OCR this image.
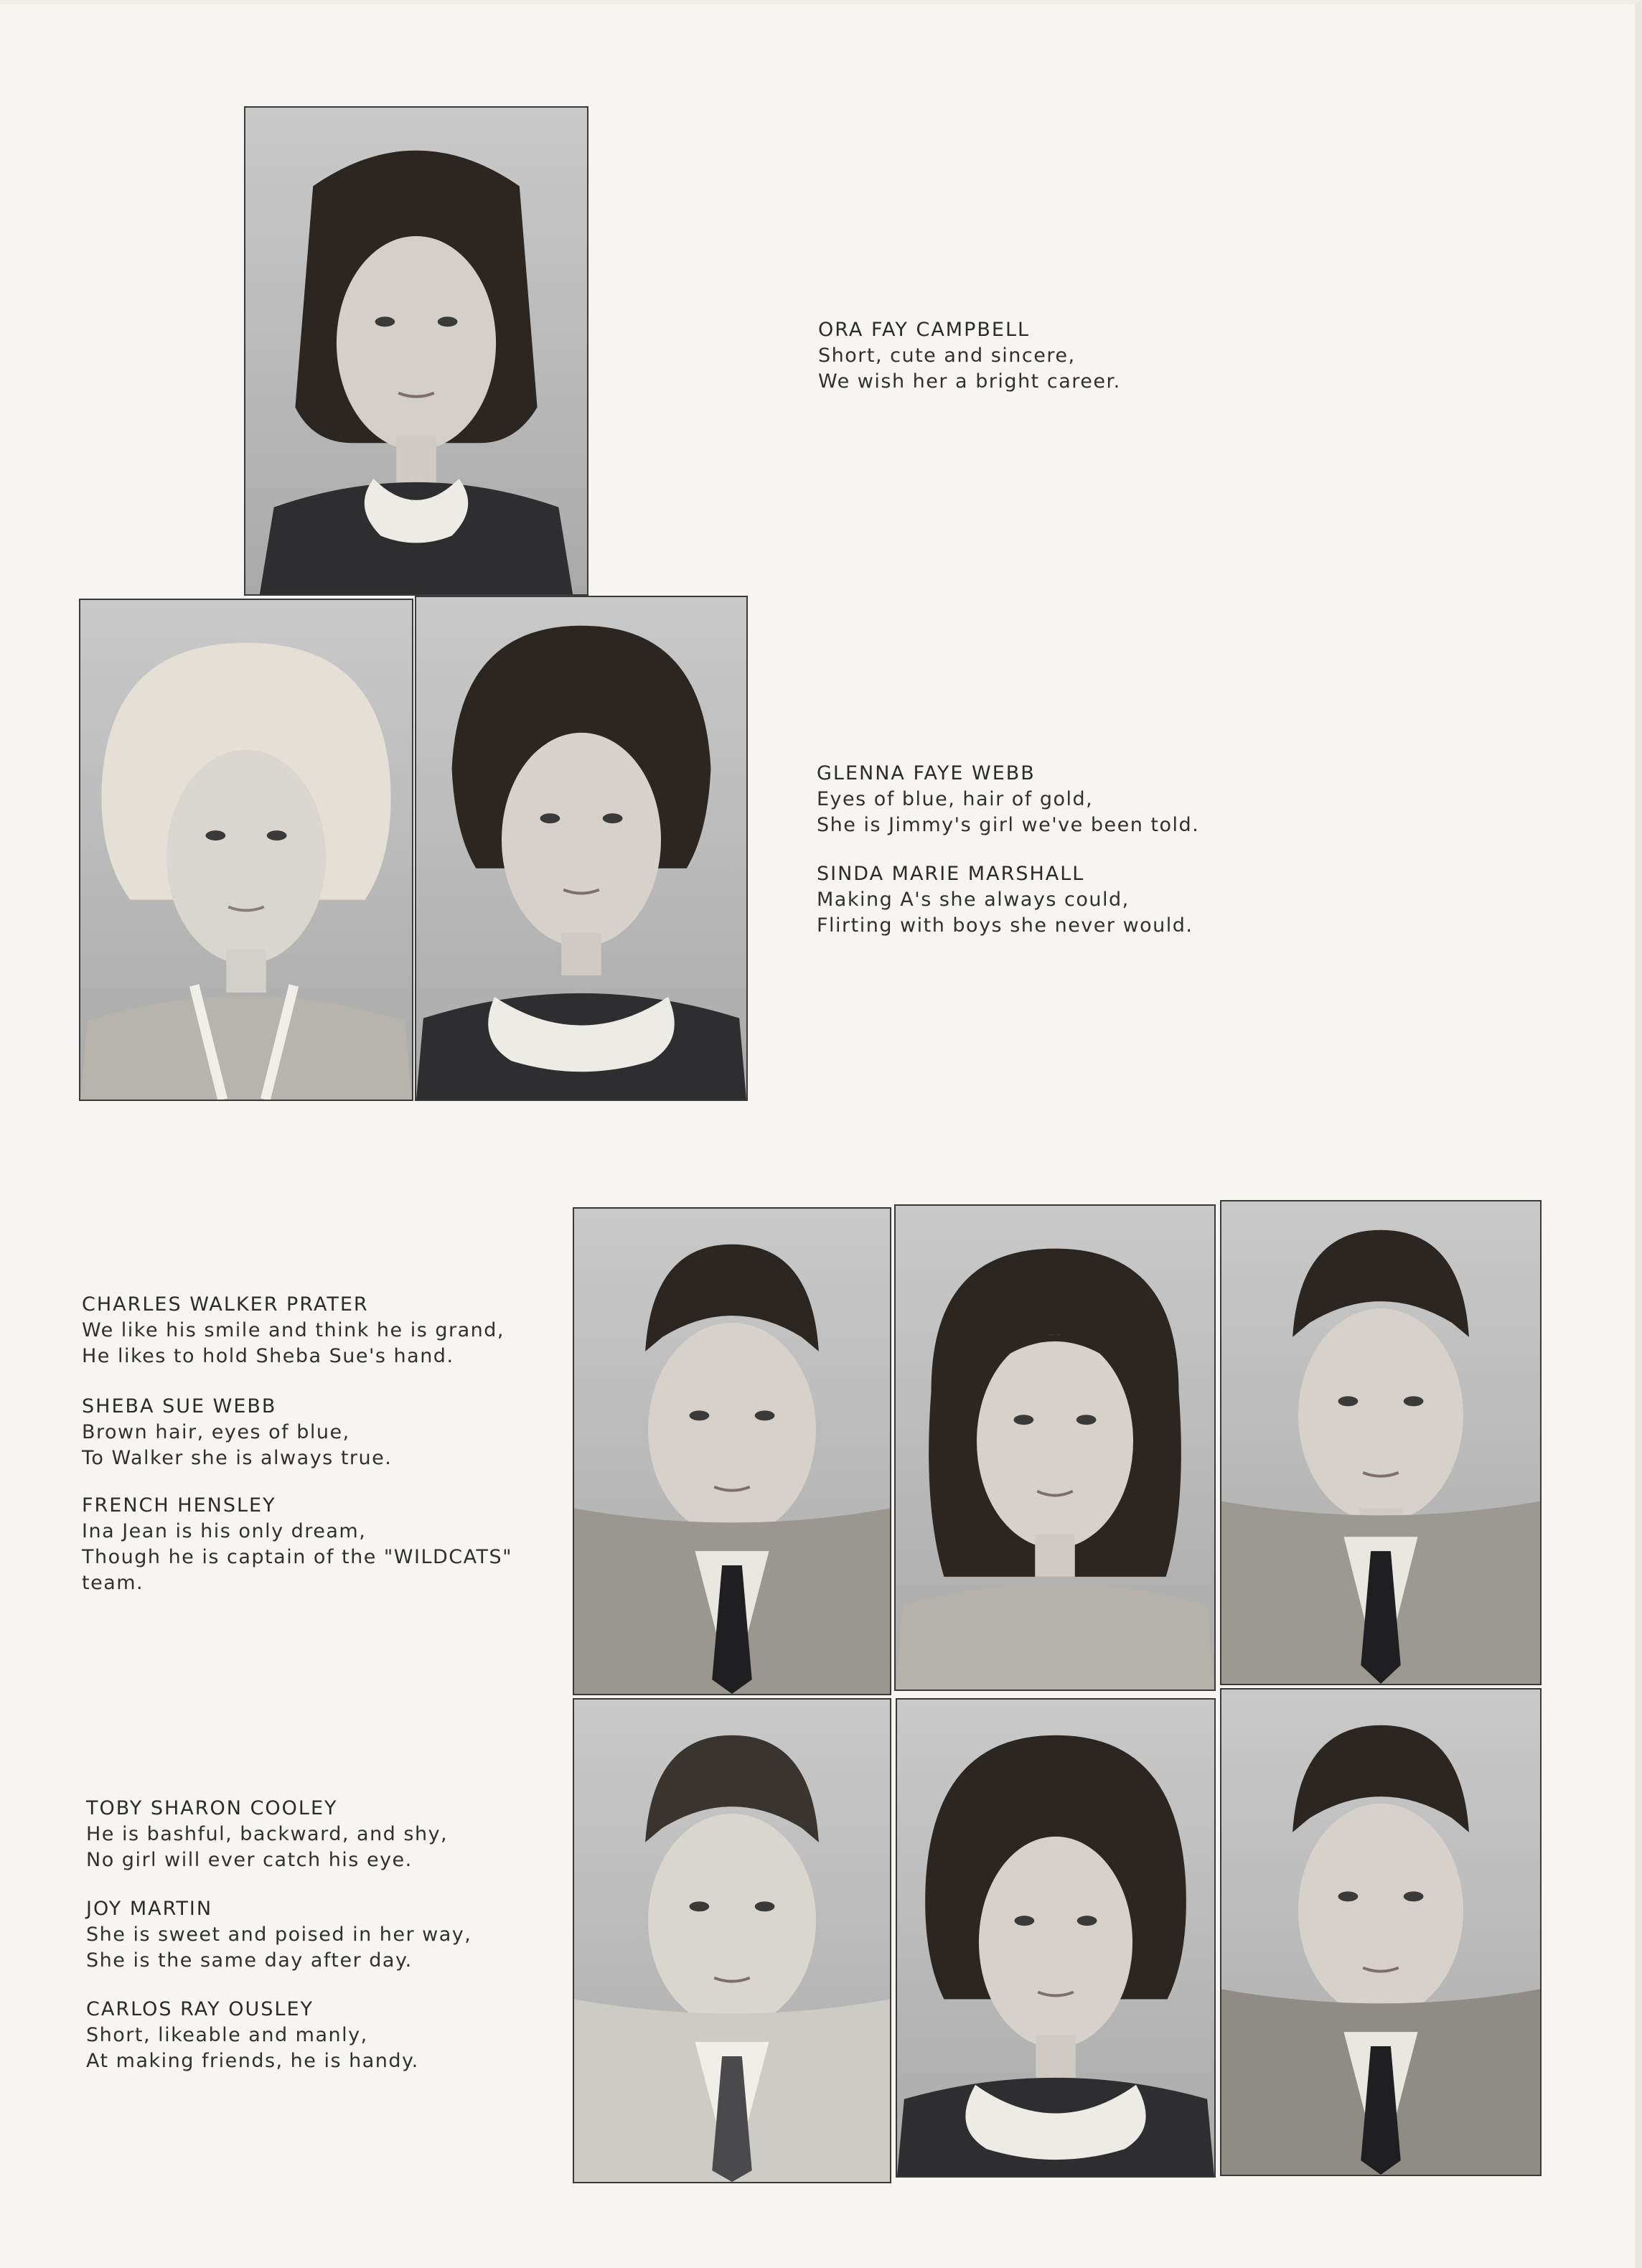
ORA FAY CAMPBELL
Short, cute and sincere,
We wish her a bright career.
GLENNA FAYE WEBB
Eyes of blue, hair of gold,
She is Jimmy's girl we've been told.
SINDA MARIE MARSHALL
Making A's she always could,
Flirting with boys she never would.
CHARLES WALKER PRATER
We like his smile and think he is grand,
He likes to hold Sheba Sue's hand.
SHEBA SUE WEBB
Brown hair, eyes of blue,
To Walker she is always true.
FRENCH HENSLEY
Ina Jean is his only dream,
Though he is captain of the "WILDCATS"
team.
TOBY SHARON COOLEY
He is bashful, backward, and shy,
No girl will ever catch his eye.
JOY MARTIN
She is sweet and poised in her way,
She is the same day after day.
CARLOS RAY OUSLEY
Short, likeable and manly,
At making friends, he is handy.
